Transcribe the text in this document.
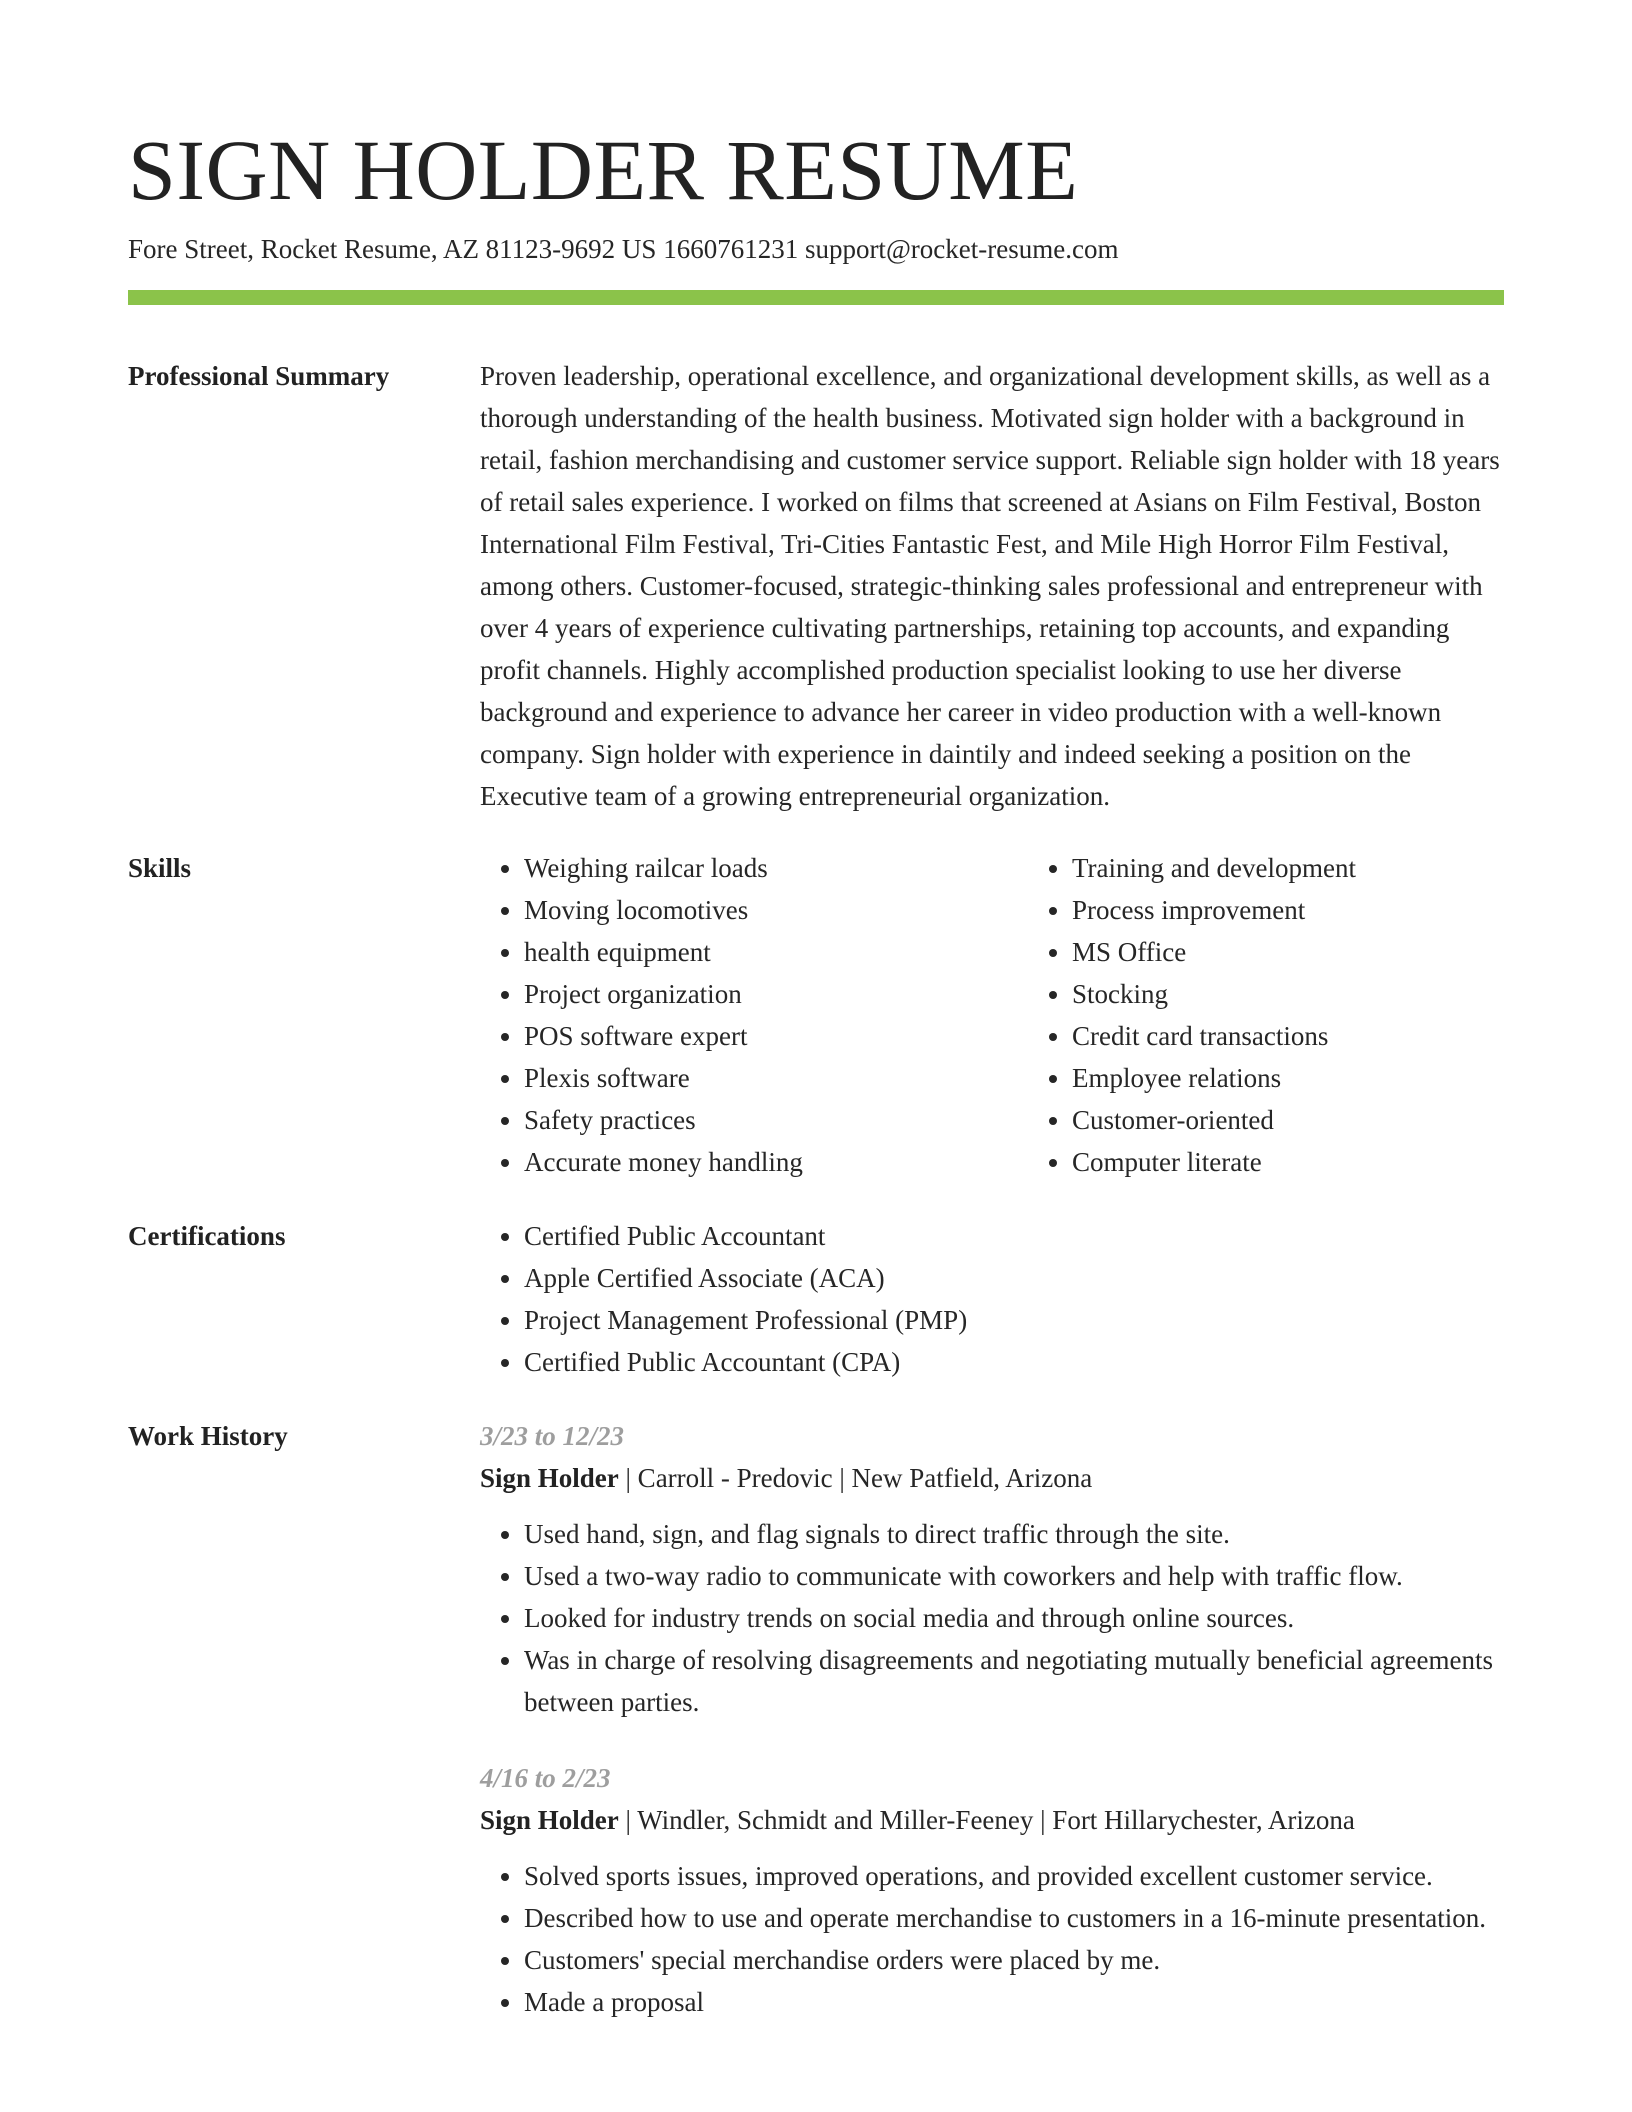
SIGN HOLDER RESUME
Fore Street, Rocket Resume, AZ 81123-9692 US 1660761231 support@rocket-resume.com
Professional Summary	Proven leadership, operational excellence, and organizational development skills, as well as a thorough understanding of the health business. Motivated sign holder with a background in retail, fashion merchandising and customer service support. Reliable sign holder with 18 years of retail sales experience. I worked on films that screened at Asians on Film Festival, Boston International Film Festival, Tri-Cities Fantastic Fest, and Mile High Horror Film Festival, among others. Customer-focused, strategic-thinking sales professional and entrepreneur with over 4 years of experience cultivating partnerships, retaining top accounts, and expanding profit channels. Highly accomplished production specialist looking to use her diverse background and experience to advance her career in video production with a well-known company. Sign holder with experience in daintily and indeed seeking a position on the Executive team of a growing entrepreneurial organization.
Skills	• Weighing railcar loads
• Moving locomotives
• health equipment
• Project organization
• POS software expert
• Plexis software
• Safety practices
• Accurate money handling
• Training and development
• Process improvement
• MS Office
• Stocking
• Credit card transactions
• Employee relations
• Customer-oriented
• Computer literate
Certifications	• Certified Public Accountant
• Apple Certified Associate (ACA)
• Project Management Professional (PMP)
• Certified Public Accountant (CPA)
Work History	3/23 to 12/23
Sign Holder | Carroll - Predovic | New Patfield, Arizona
• Used hand, sign, and flag signals to direct traffic through the site.
• Used a two-way radio to communicate with coworkers and help with traffic flow.
• Looked for industry trends on social media and through online sources.
• Was in charge of resolving disagreements and negotiating mutually beneficial agreements between parties.
4/16 to 2/23
Sign Holder | Windler, Schmidt and Miller-Feeney | Fort Hillarychester, Arizona
• Solved sports issues, improved operations, and provided excellent customer service.
• Described how to use and operate merchandise to customers in a 16-minute presentation.
• Customers' special merchandise orders were placed by me.
• Made a proposal
